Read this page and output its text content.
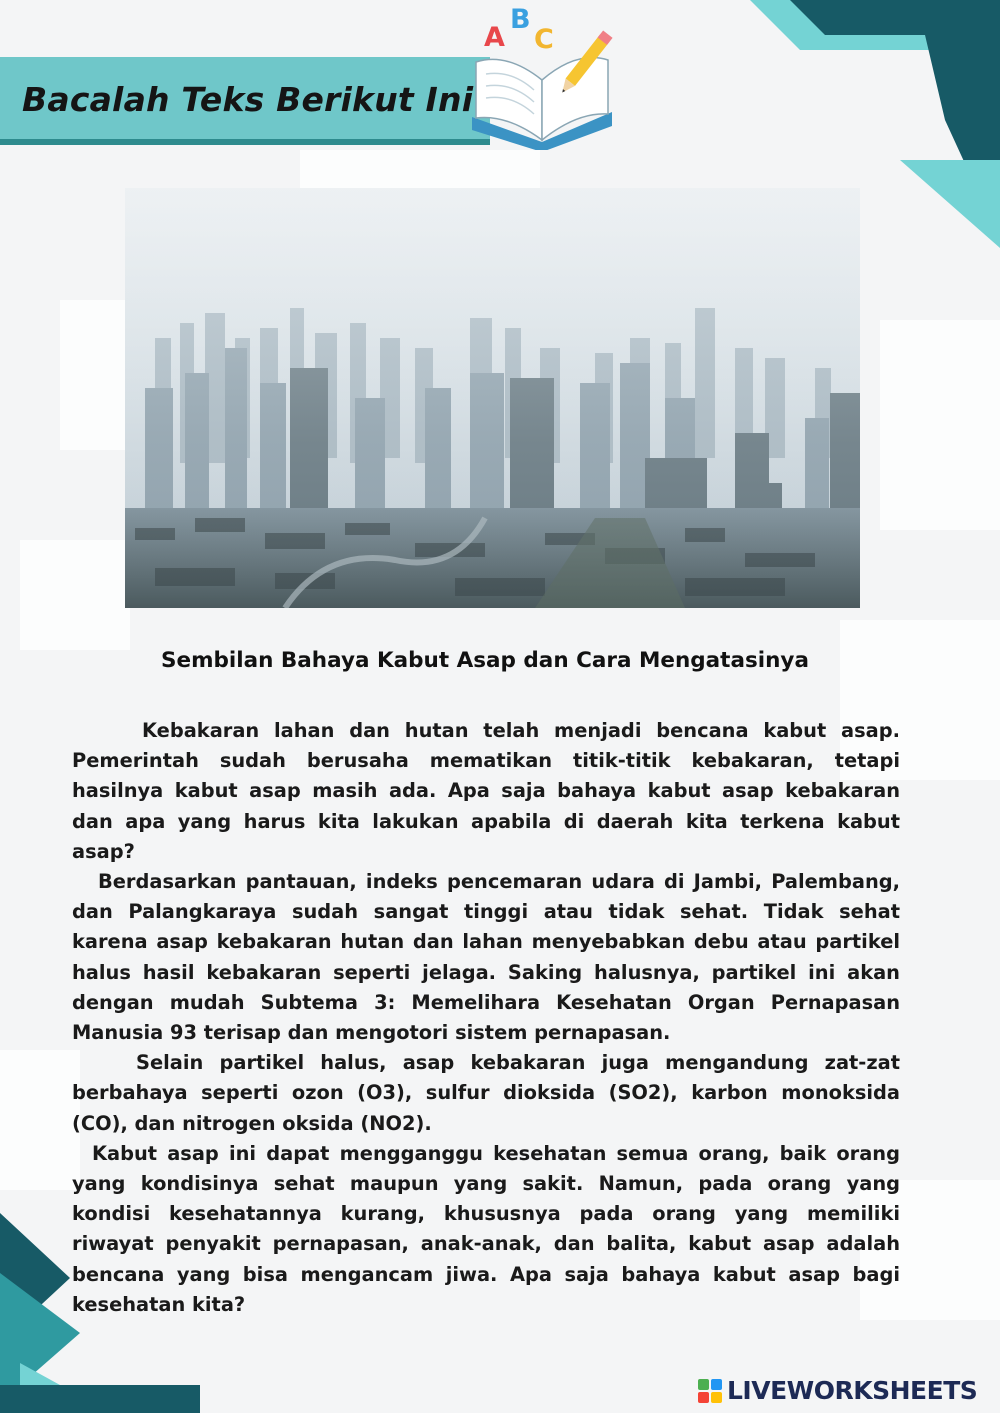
Bacalah Teks Berikut Ini
A
B
C
Sembilan Bahaya Kabut Asap dan Cara Mengatasinya

Kebakaran lahan dan hutan telah menjadi bencana kabut asap. Pemerintah sudah berusaha mematikan titik-titik kebakaran, tetapi hasilnya kabut asap masih ada. Apa saja bahaya kabut asap kebakaran dan apa yang harus kita lakukan apabila di daerah kita terkena kabut asap?

Berdasarkan pantauan, indeks pencemaran udara di Jambi, Palembang, dan Palangkaraya sudah sangat tinggi atau tidak sehat. Tidak sehat karena asap kebakaran hutan dan lahan menyebabkan debu atau partikel halus hasil kebakaran seperti jelaga. Saking halusnya, partikel ini akan dengan mudah Subtema 3: Memelihara Kesehatan Organ Pernapasan Manusia 93 terisap dan mengotori sistem pernapasan.

Selain partikel halus, asap kebakaran juga mengandung zat-zat berbahaya seperti ozon (O3), sulfur dioksida (SO2), karbon monoksida (CO), dan nitrogen oksida (NO2).

Kabut asap ini dapat mengganggu kesehatan semua orang, baik orang yang kondisinya sehat maupun yang sakit. Namun, pada orang yang kondisi kesehatannya kurang, khususnya pada orang yang memiliki riwayat penyakit pernapasan, anak-anak, dan balita, kabut asap adalah bencana yang bisa mengancam jiwa. Apa saja bahaya kabut asap bagi kesehatan kita?

LIVEWORKSHEETS
